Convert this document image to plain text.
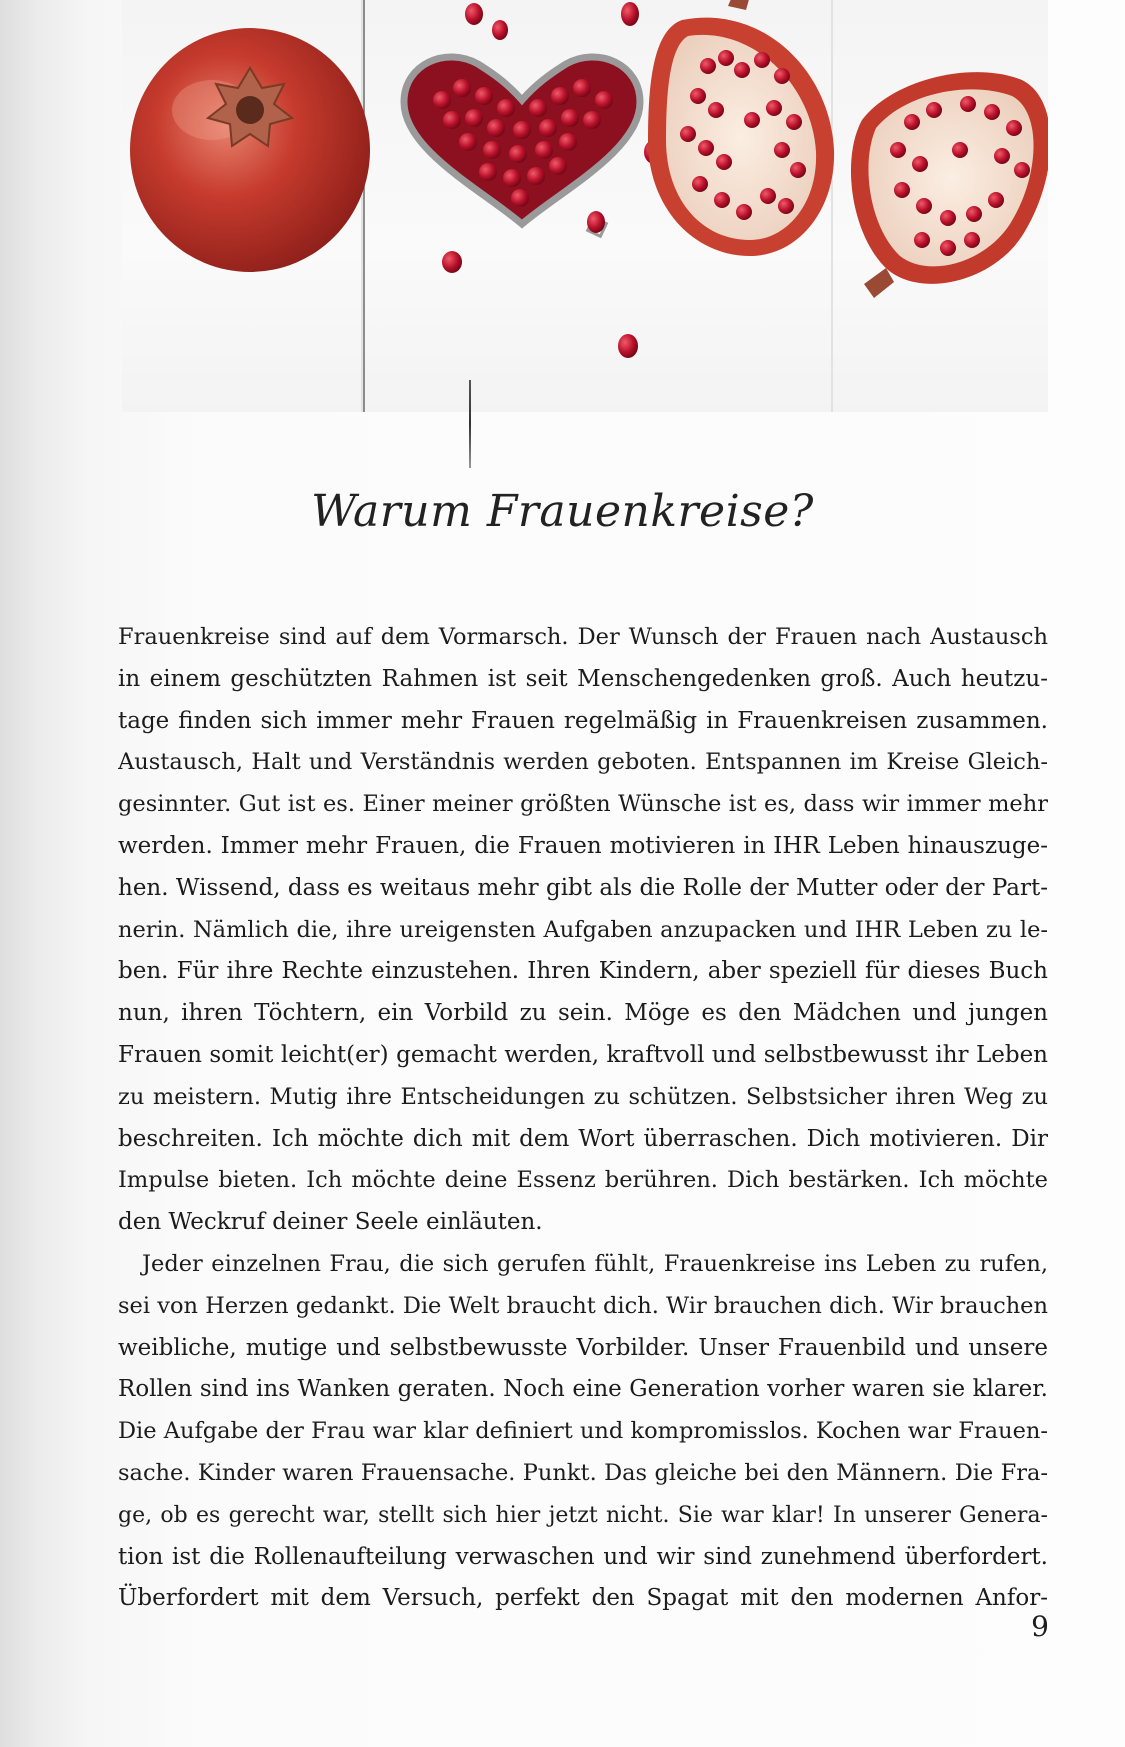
Warum Frauenkreise?
Frauenkreise sind auf dem Vormarsch. Der Wunsch der Frauen nach Austausch
in einem geschützten Rahmen ist seit Menschengedenken groß. Auch heutzu-
tage finden sich immer mehr Frauen regelmäßig in Frauenkreisen zusammen.
Austausch, Halt und Verständnis werden geboten. Entspannen im Kreise Gleich-
gesinnter. Gut ist es. Einer meiner größten Wünsche ist es, dass wir immer mehr
werden. Immer mehr Frauen, die Frauen motivieren in IHR Leben hinauszuge-
hen. Wissend, dass es weitaus mehr gibt als die Rolle der Mutter oder der Part-
nerin. Nämlich die, ihre ureigensten Aufgaben anzupacken und IHR Leben zu le-
ben. Für ihre Rechte einzustehen. Ihren Kindern, aber speziell für dieses Buch
nun, ihren Töchtern, ein Vorbild zu sein. Möge es den Mädchen und jungen
Frauen somit leicht(er) gemacht werden, kraftvoll und selbstbewusst ihr Leben
zu meistern. Mutig ihre Entscheidungen zu schützen. Selbstsicher ihren Weg zu
beschreiten. Ich möchte dich mit dem Wort überraschen. Dich motivieren. Dir
Impulse bieten. Ich möchte deine Essenz berühren. Dich bestärken. Ich möchte
den Weckruf deiner Seele einläuten.
Jeder einzelnen Frau, die sich gerufen fühlt, Frauenkreise ins Leben zu rufen,
sei von Herzen gedankt. Die Welt braucht dich. Wir brauchen dich. Wir brauchen
weibliche, mutige und selbstbewusste Vorbilder. Unser Frauenbild und unsere
Rollen sind ins Wanken geraten. Noch eine Generation vorher waren sie klarer.
Die Aufgabe der Frau war klar definiert und kompromisslos. Kochen war Frauen-
sache. Kinder waren Frauensache. Punkt. Das gleiche bei den Männern. Die Fra-
ge, ob es gerecht war, stellt sich hier jetzt nicht. Sie war klar! In unserer Genera-
tion ist die Rollenaufteilung verwaschen und wir sind zunehmend überfordert.
Überfordert mit dem Versuch, perfekt den Spagat mit den modernen Anfor-
9
